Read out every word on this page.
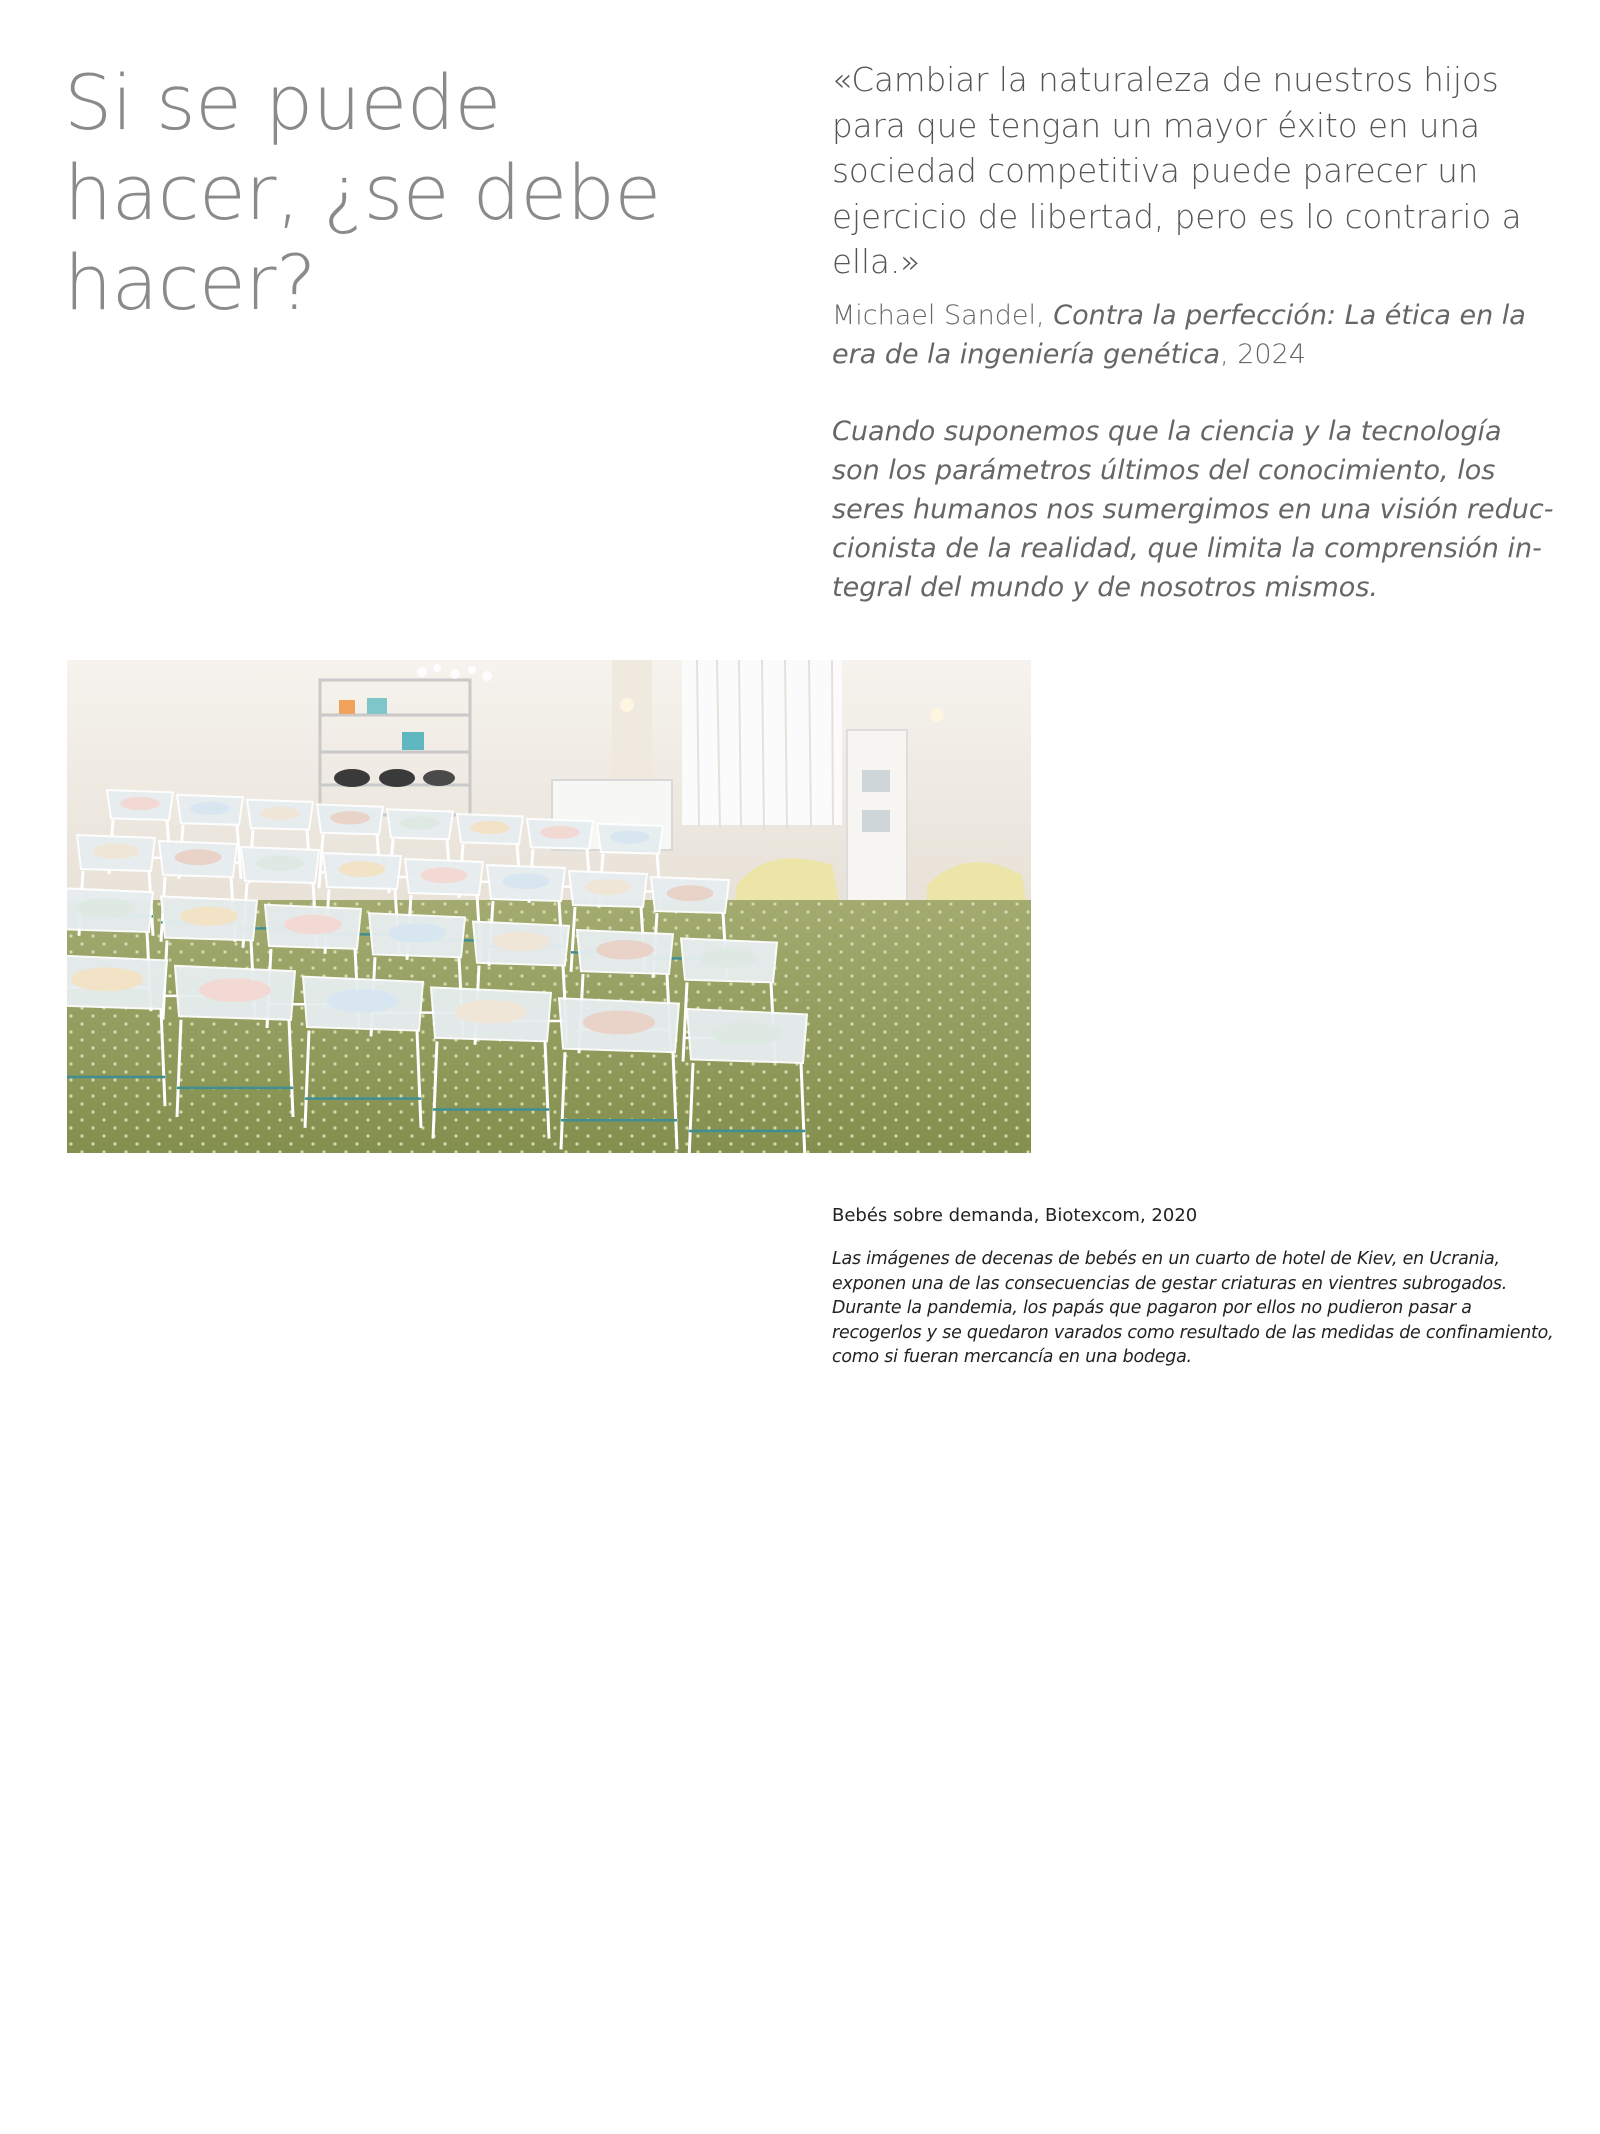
Si se puede hacer, ¿se debe hacer?

«Cambiar la naturaleza de nuestros hijos para que tengan un mayor éxito en una sociedad competitiva puede parecer un ejercicio de libertad, pero es lo contrario a ella.»

Michael Sandel, Contra la perfección: La ética en la era de la ingeniería genética, 2024

Cuando suponemos que la ciencia y la tecnología son los parámetros últimos del conocimiento, los seres humanos nos sumergimos en una visión reduc-cionista de la realidad, que limita la comprensión in-tegral del mundo y de nosotros mismos.

Bebés sobre demanda, Biotexcom, 2020

Las imágenes de decenas de bebés en un cuarto de hotel de Kiev, en Ucrania, exponen una de las consecuencias de gestar criaturas en vientres subrogados. Durante la pandemia, los papás que pagaron por ellos no pudieron pasar a recogerlos y se quedaron varados como resultado de las medidas de confinamiento, como si fueran mercancía en una bodega.
